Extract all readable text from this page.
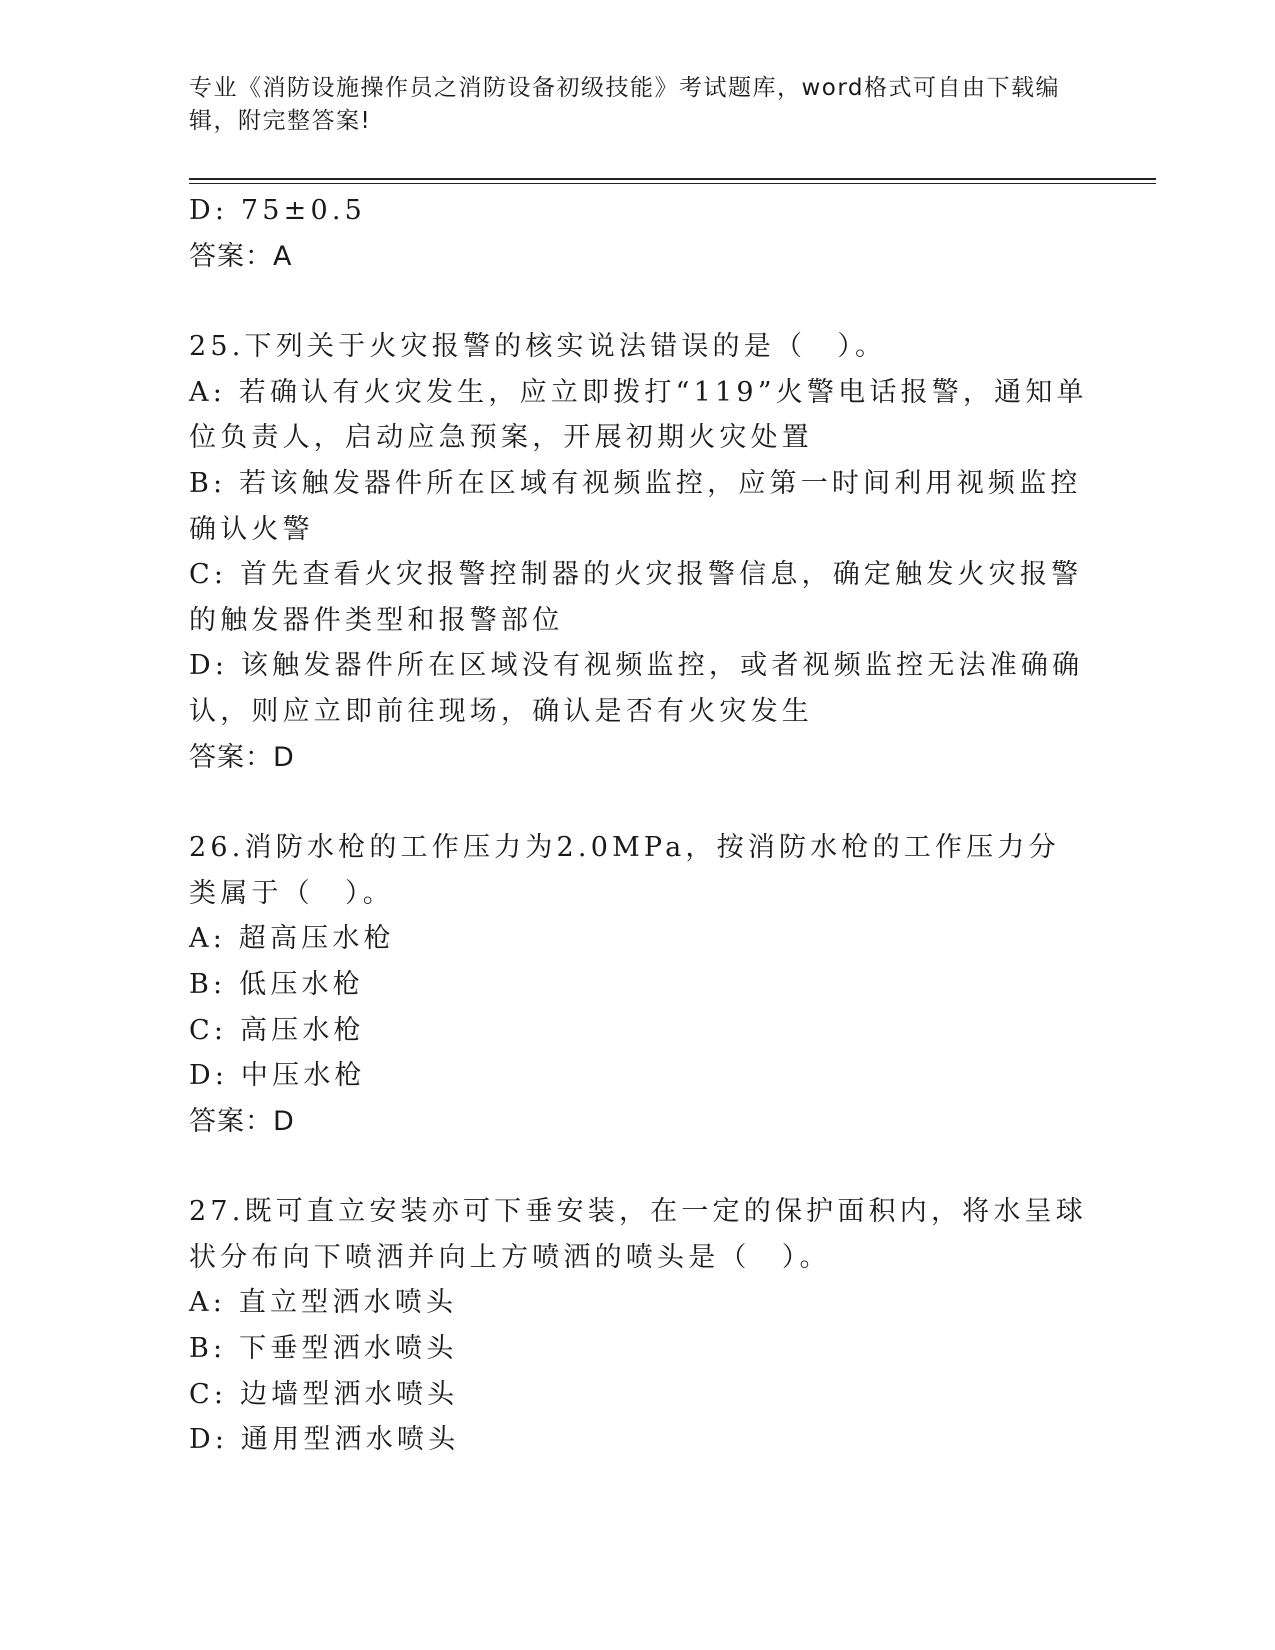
专业《消防设施操作员之消防设备初级技能》考试题库，word格式可自由下载编辑，附完整答案!

D: 75±0.5

答案：A

25.下列关于火灾报警的核实说法错误的是（　）。

A: 若确认有火灾发生，应立即拨打“119”火警电话报警，通知单位负责人，启动应急预案，开展初期火灾处置

B: 若该触发器件所在区域有视频监控，应第一时间利用视频监控确认火警

C: 首先查看火灾报警控制器的火灾报警信息，确定触发火灾报警的触发器件类型和报警部位

D: 该触发器件所在区域没有视频监控，或者视频监控无法准确确认，则应立即前往现场，确认是否有火灾发生

答案：D

26.消防水枪的工作压力为2.0MPa，按消防水枪的工作压力分类属于（　）。

A: 超高压水枪

B: 低压水枪

C: 高压水枪

D: 中压水枪

答案：D

27.既可直立安装亦可下垂安装，在一定的保护面积内，将水呈球状分布向下喷洒并向上方喷洒的喷头是（　）。

A: 直立型洒水喷头

B: 下垂型洒水喷头

C: 边墙型洒水喷头

D: 通用型洒水喷头
